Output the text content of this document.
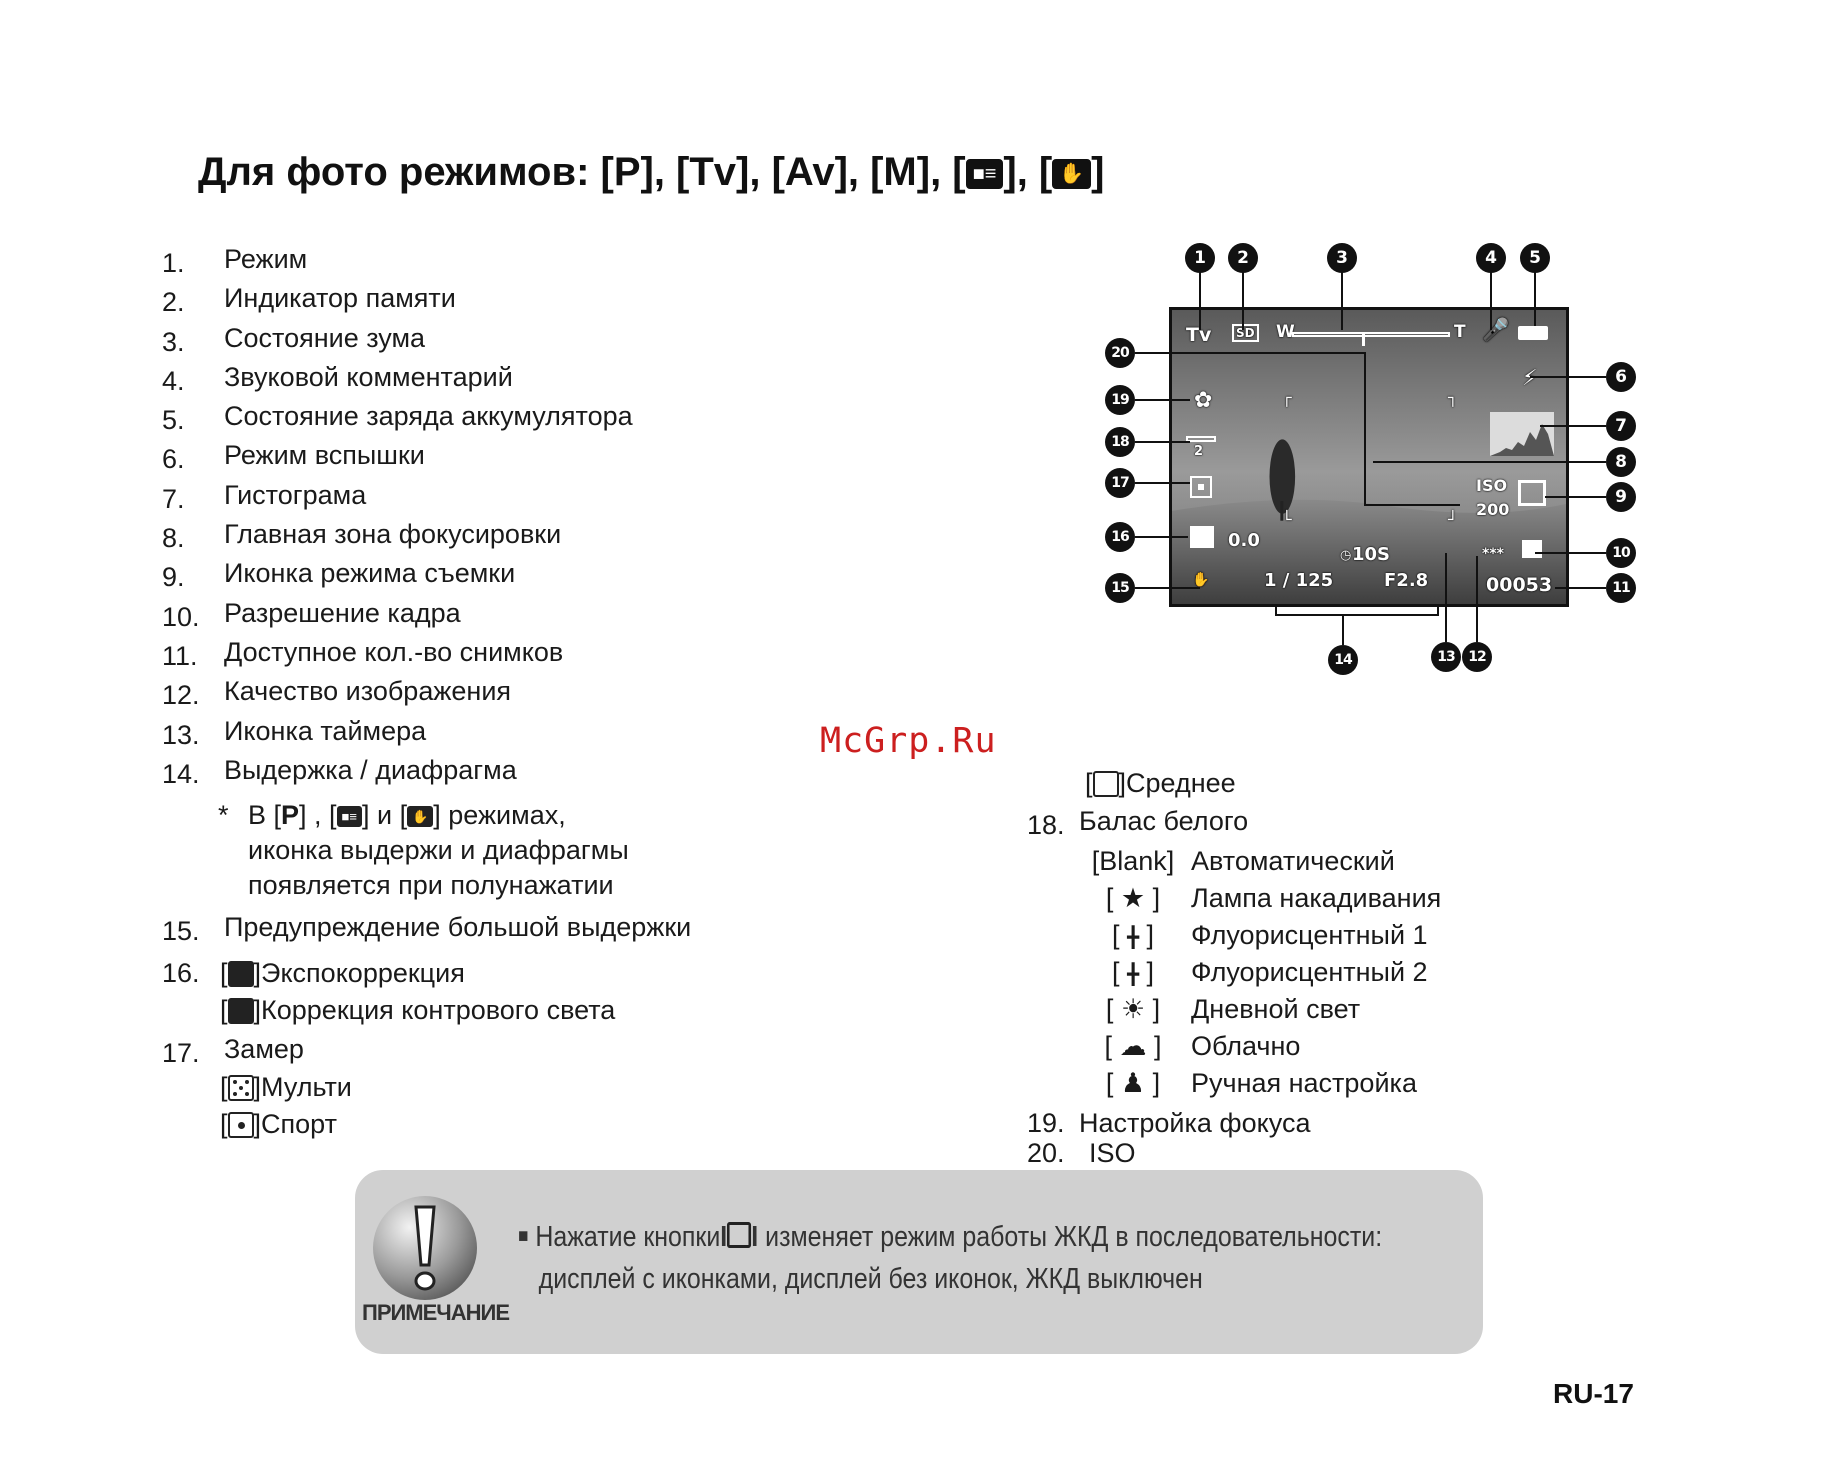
Для фото режимов: [P], [Tv], [Av], [M], [ ■≡ ], [ ✋ ]
1.	Режим
2.	Индикатор памяти
3.	Состояние зума
4.	Звуковой комментарий
5.	Состояние заряда аккумулятора
6.	Режим вспышки
7.	Гистограма
8.	Главная зона фокусировки
9.	Иконка режима съемки
10. Разрешение кадра
11. Доступное кол.-во снимков
12. Качество изображения
13. Иконка таймера
14. Выдержка / диафрагма
* В [P] , [ ■≡ ] и [ ✋ ] режимах,
иконка выдержи и диафрагмы
появляется при полунажатии
15. Предупреждение большой выдержки
16. [ ]Экспокоррекция
[ ]Коррекция контрового света
17. Замер
[ ]Мульти
[ ]Спорт
[ ]Среднее
18. Балас белого
[Blank] Автоматический
[ ★ ]	Лампа накадивания
[ ╋ ]	Флуорисцентный 1
[ ╋ ]	Флуорисцентный 2
[ ☀ ]	Дневной свет
[ ☁ ]	Облачно
[ ♟ ]	Ручная настройка
19. Настройка фокуса
20. ISO
Tv	SD W	T 🎤
⚡
┌	┐
└	┘
✿
2
ISO
200
0.0
◷ 10S	***
✋	1 / 125	F2.8	00053
1	2	3	4	5
6
7
8
9
10
11
12
13
14
15
16
17
18
19
20
McGrp.Ru
ПРИМЕЧАНИЕ
■ Нажатие кнопкиI I изменяет режим работы ЖКД в последовательности:
дисплей с иконками, дисплей без иконок, ЖКД выключен
RU-17
